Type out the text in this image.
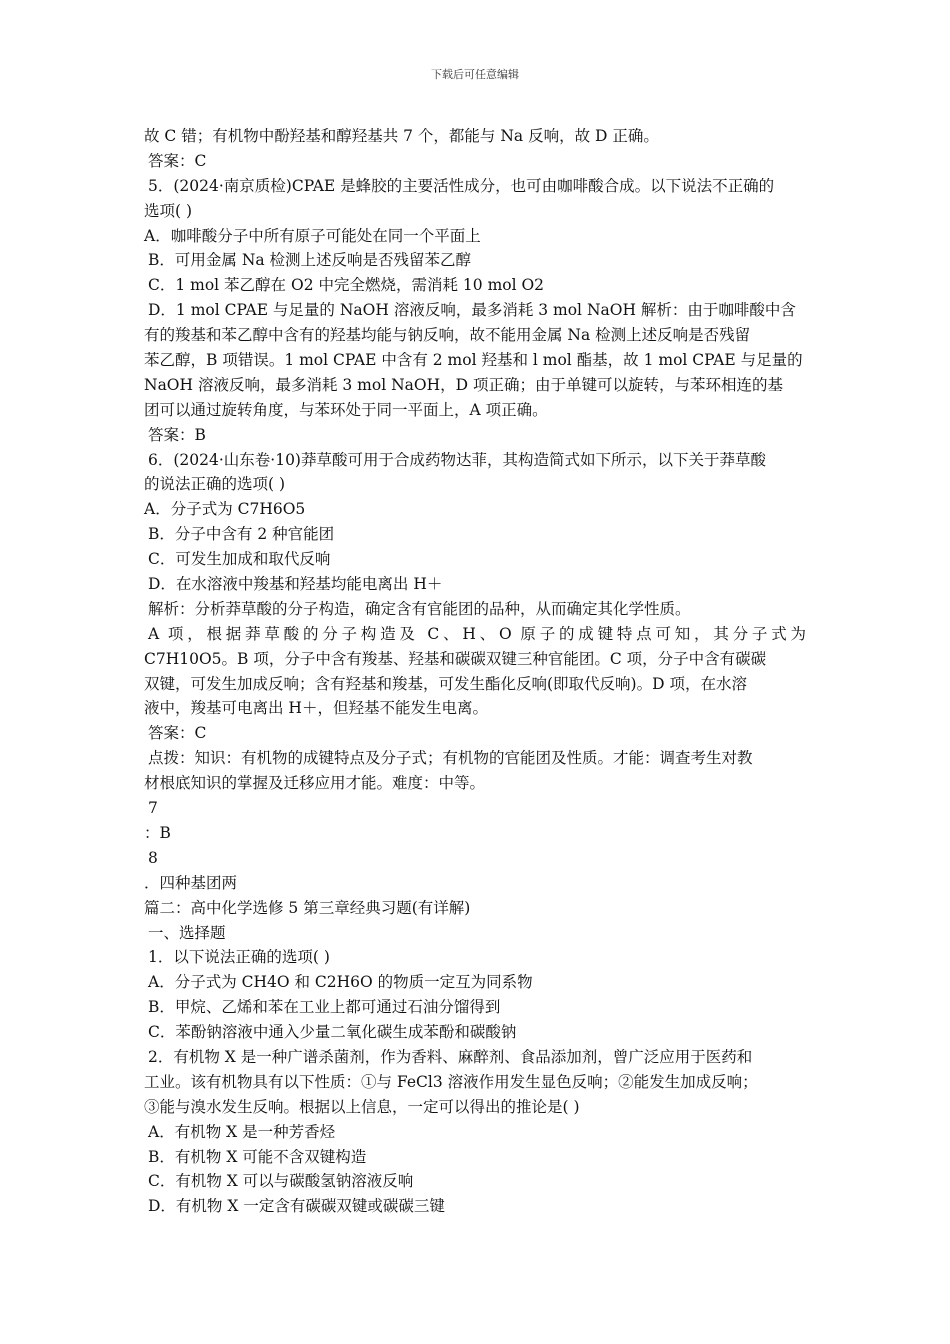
下载后可任意编辑
故 C 错；有机物中酚羟基和醇羟基共 7 个，都能与 Na 反响，故 D 正确。
答案：C
5．(2024·南京质检)CPAE 是蜂胶的主要活性成分，也可由咖啡酸合成。以下说法不正确的
选项( )
A．咖啡酸分子中所有原子可能处在同一个平面上
B．可用金属 Na 检测上述反响是否残留苯乙醇
C．1 mol 苯乙醇在 O2 中完全燃烧，需消耗 10 mol O2
D．1 mol CPAE 与足量的 NaOH 溶液反响，最多消耗 3 mol NaOH 解析：由于咖啡酸中含
有的羧基和苯乙醇中含有的羟基均能与钠反响，故不能用金属 Na 检测上述反响是否残留
苯乙醇，B 项错误。1 mol CPAE 中含有 2 mol 羟基和 l mol 酯基，故 1 mol CPAE 与足量的
NaOH 溶液反响，最多消耗 3 mol NaOH，D 项正确；由于单键可以旋转，与苯环相连的基
团可以通过旋转角度，与苯环处于同一平面上，A 项正确。
答案：B
6．(2024·山东卷·10)莽草酸可用于合成药物达菲，其构造简式如下所示，以下关于莽草酸
的说法正确的选项( )
A．分子式为 C7H6O5
B．分子中含有 2 种官能团
C．可发生加成和取代反响
D．在水溶液中羧基和羟基均能电离出 H＋
解析：分析莽草酸的分子构造，确定含有官能团的品种，从而确定其化学性质。
A 项，根据莽草酸的分子构造及 C、H、O 原子的成键特点可知，其分子式为
C7H10O5。B 项，分子中含有羧基、羟基和碳碳双键三种官能团。C 项，分子中含有碳碳
双键，可发生加成反响；含有羟基和羧基，可发生酯化反响(即取代反响)。D 项，在水溶
液中，羧基可电离出 H＋，但羟基不能发生电离。
答案：C
点拨：知识：有机物的成键特点及分子式；有机物的官能团及性质。才能：调查考生对教
材根底知识的掌握及迁移应用才能。难度：中等。
7
：B
8
．四种基团两
篇二：高中化学选修 5 第三章经典习题(有详解)
一、选择题
1．以下说法正确的选项( )
A．分子式为 CH4O 和 C2H6O 的物质一定互为同系物
B．甲烷、乙烯和苯在工业上都可通过石油分馏得到
C．苯酚钠溶液中通入少量二氧化碳生成苯酚和碳酸钠
2．有机物 X 是一种广谱杀菌剂，作为香料、麻醉剂、食品添加剂，曾广泛应用于医药和
工业。该有机物具有以下性质：①与 FeCl3 溶液作用发生显色反响；②能发生加成反响；
③能与溴水发生反响。根据以上信息，一定可以得出的推论是( )
A．有机物 X 是一种芳香烃
B．有机物 X 可能不含双键构造
C．有机物 X 可以与碳酸氢钠溶液反响
D．有机物 X 一定含有碳碳双键或碳碳三键
